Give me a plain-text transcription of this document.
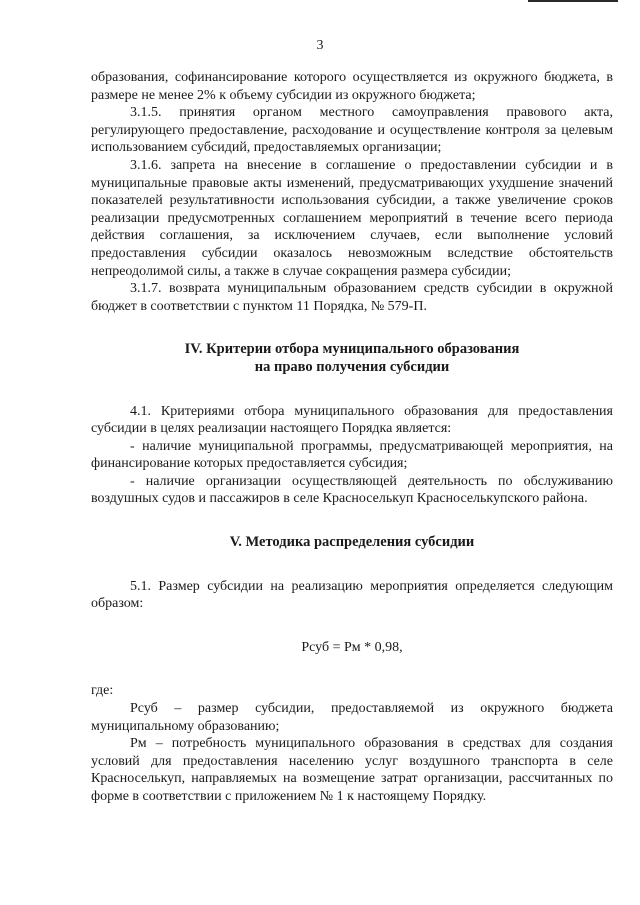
3

образования, софинансирование которого осуществляется из окружного бюджета, в размере не менее 2% к объему субсидии из окружного бюджета;

3.1.5. принятия органом местного самоуправления правового акта, регулирующего предоставление, расходование и осуществление контроля за целевым использованием субсидий, предоставляемых организации;

3.1.6. запрета на внесение в соглашение о предоставлении субсидии и в муниципальные правовые акты изменений, предусматривающих ухудшение значений показателей результативности использования субсидии, а также увеличение сроков реализации предусмотренных соглашением мероприятий в течение всего периода действия соглашения, за исключением случаев, если выполнение условий предоставления субсидии оказалось невозможным вследствие обстоятельств непреодолимой силы, а также в случае сокращения размера субсидии;

3.1.7. возврата муниципальным образованием средств субсидии в окружной бюджет в соответствии с пунктом 11 Порядка, № 579-П.

IV. Критерии отбора муниципального образования

на право получения субсидии

4.1. Критериями отбора муниципального образования для предоставления субсидии в целях реализации настоящего Порядка является:

- наличие муниципальной программы, предусматривающей мероприятия, на финансирование которых предоставляется субсидия;

- наличие организации осуществляющей деятельность по обслуживанию воздушных судов и пассажиров в селе Красноселькуп Красноселькупского района.

V. Методика распределения субсидии

5.1. Размер субсидии на реализацию мероприятия определяется следующим образом:

Рсуб = Рм * 0,98,

где:

Рсуб – размер субсидии, предоставляемой из окружного бюджета муниципальному образованию;

Рм – потребность муниципального образования в средствах для создания условий для предоставления населению услуг воздушного транспорта в селе Красноселькуп, направляемых на возмещение затрат организации, рассчитанных по форме в соответствии с приложением № 1 к настоящему Порядку.
